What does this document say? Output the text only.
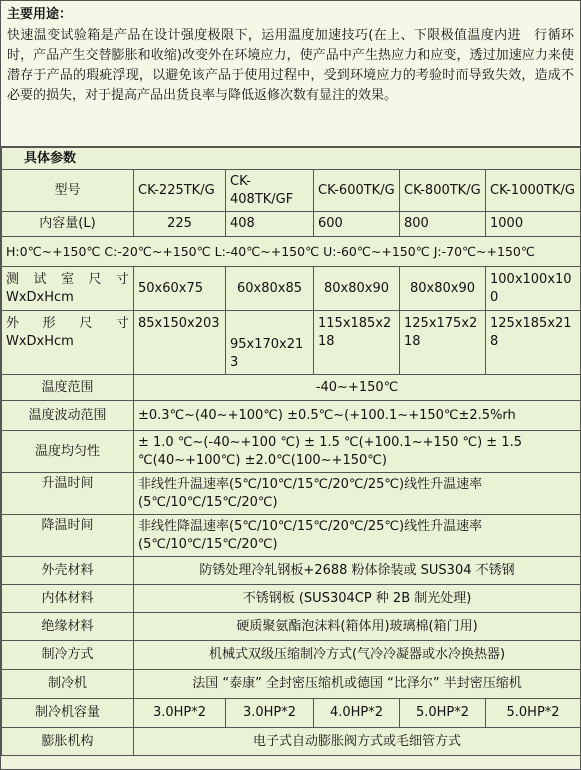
主要用途：
快速温变试验箱是产品在设计强度极限下，运用温度加速技巧(在上、下限极值温度内进　行循环时，产品产生交替膨胀和收缩)改变外在环境应力，使产品中产生热应力和应变，透过加速应力来使潜存于产品的瑕疵浮现，以避免该产品于使用过程中，受到环境应力的考验时而导致失效，造成不必要的损失，对于提高产品出货良率与降低返修次数有显注的效果。
具体参数					
型号	CK-225TK/G	CK-408TK/GF	CK-600TK/G	CK-800TK/G	CK-1000TK/G
内容量(L)	225	408	600	800	1000
H:0℃~+150℃ C:-20℃~+150℃ L:-40℃~+150℃ U:-60℃~+150℃ J:-70℃~+150℃					

测试室尺寸
WxDxHcm	50x60x75	60x80x85	80x80x90	80x80x90	100x100x100

外形尺寸
WxDxHcm	85x150x203	95x170x213	115x185x218	125x175x218	125x185x218
温度范围	-40~+150℃				
温度波动范围	±0.3℃~(40~+100℃) ±0.5℃~(+100.1~+150℃±2.5%rh				
温度均匀性	± 1.0 ℃~(-40~+100 ℃) ± 1.5 ℃(+100.1~+150 ℃) ± 1.5 ℃(40~+100℃) ±2.0℃(100~+150℃)				
升温时间	非线性升温速率(5℃/10℃/15℃/20℃/25℃)线性升温速率 (5℃/10℃/15℃/20℃)				
降温时间	非线性降温速率(5℃/10℃/15℃/20℃/25℃)线性升温速率(5℃/10℃/15℃/20℃)				
外壳材料	防锈处理冷轧钢板+2688 粉体徐装或 SUS304 不锈钢				
内体材料	不锈钢板 (SUS304CP 种 2B 制光处理)				
绝缘材料	硬质聚氨酯泡沫料(箱体用)玻璃棉(箱门用)				
制冷方式	机械式双级压缩制冷方式(气冷冷凝器或水冷换热器)				
制冷机	法国 “泰康” 全封密压缩机或德国 “比泽尔” 半封密压缩机				
制冷机容量	3.0HP*2	3.0HP*2	4.0HP*2	5.0HP*2	5.0HP*2
膨胀机构	电子式自动膨胀阀方式或毛细管方式				
